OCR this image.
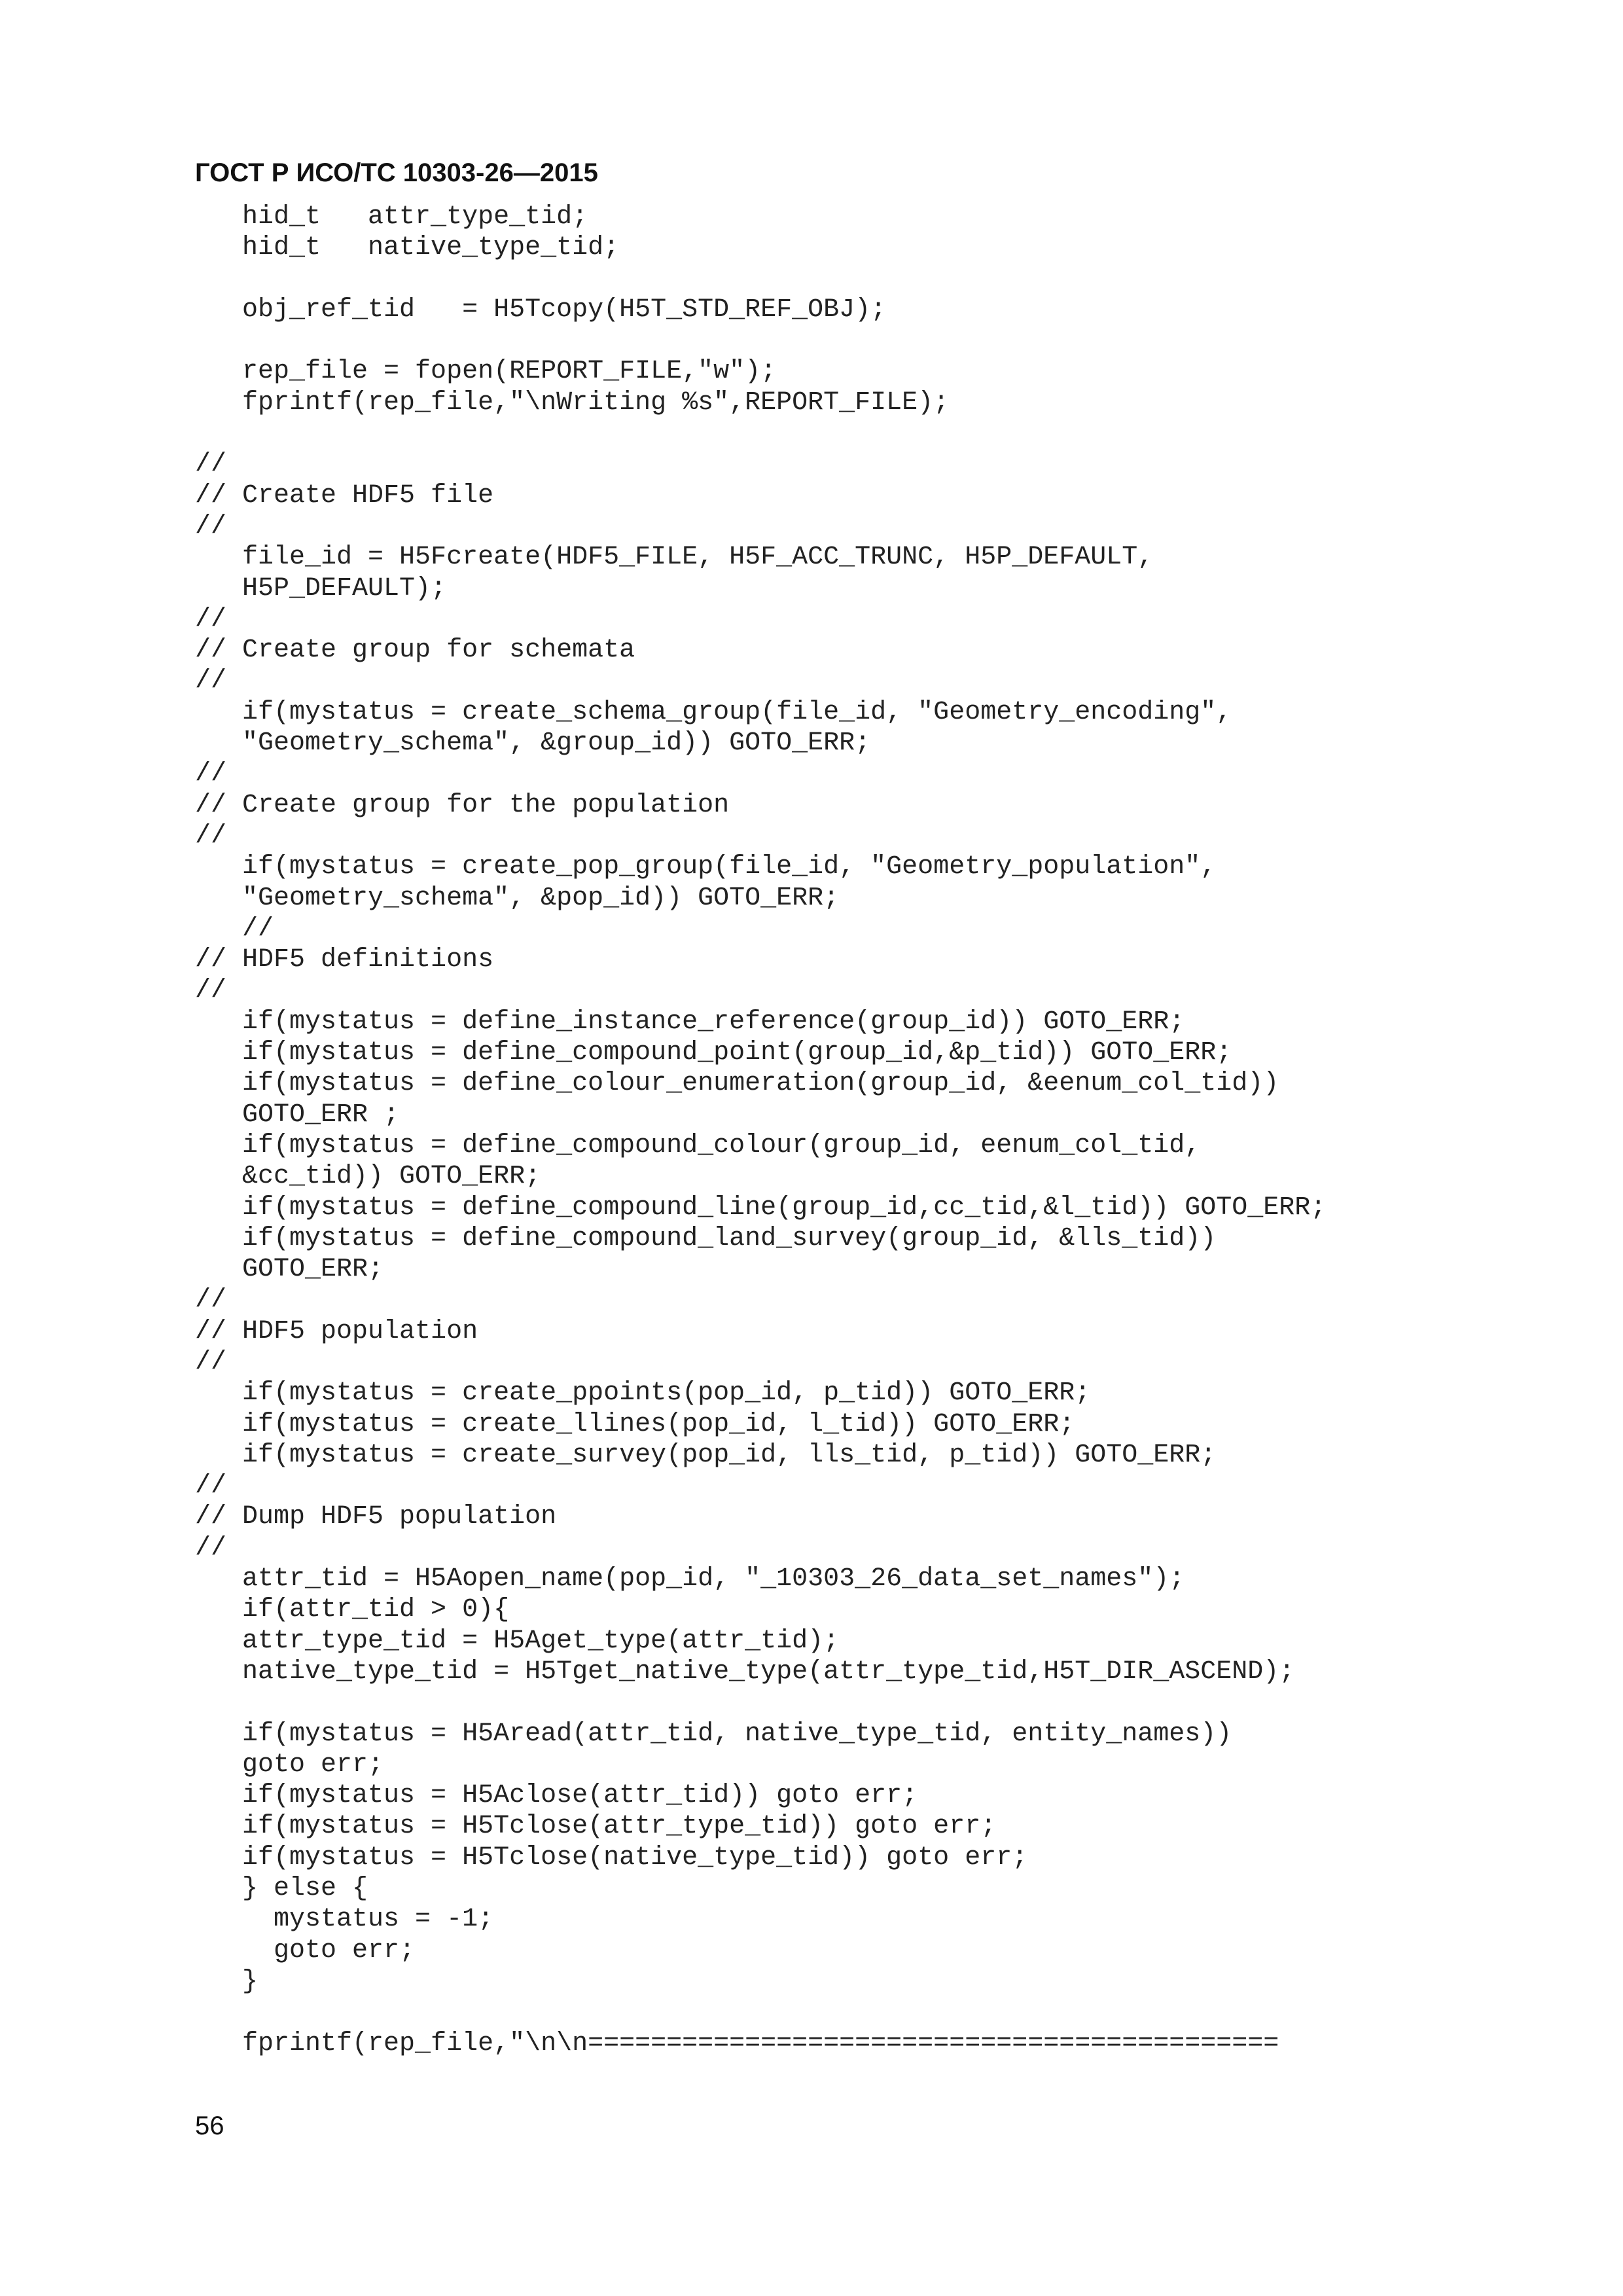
ГОСТ Р ИСО/ТС 10303-26—2015
hid_t   attr_type_tid;
hid_t   native_type_tid;
obj_ref_tid   = H5Tcopy(H5T_STD_REF_OBJ);
rep_file = fopen(REPORT_FILE,"w");
fprintf(rep_file,"\nWriting %s",REPORT_FILE);
//
// Create HDF5 file
//
file_id = H5Fcreate(HDF5_FILE, H5F_ACC_TRUNC, H5P_DEFAULT,
H5P_DEFAULT);
//
// Create group for schemata
//
if(mystatus = create_schema_group(file_id, "Geometry_encoding",
"Geometry_schema", &group_id)) GOTO_ERR;
//
// Create group for the population
//
if(mystatus = create_pop_group(file_id, "Geometry_population",
"Geometry_schema", &pop_id)) GOTO_ERR;
//
// HDF5 definitions
//
if(mystatus = define_instance_reference(group_id)) GOTO_ERR;
if(mystatus = define_compound_point(group_id,&p_tid)) GOTO_ERR;
if(mystatus = define_colour_enumeration(group_id, &eenum_col_tid))
GOTO_ERR ;
if(mystatus = define_compound_colour(group_id, eenum_col_tid,
&cc_tid)) GOTO_ERR;
if(mystatus = define_compound_line(group_id,cc_tid,&l_tid)) GOTO_ERR;
if(mystatus = define_compound_land_survey(group_id, &lls_tid))
GOTO_ERR;
//
// HDF5 population
//
if(mystatus = create_ppoints(pop_id, p_tid)) GOTO_ERR;
if(mystatus = create_llines(pop_id, l_tid)) GOTO_ERR;
if(mystatus = create_survey(pop_id, lls_tid, p_tid)) GOTO_ERR;
//
// Dump HDF5 population
//
attr_tid = H5Aopen_name(pop_id, "_10303_26_data_set_names");
if(attr_tid > 0){
attr_type_tid = H5Aget_type(attr_tid);
native_type_tid = H5Tget_native_type(attr_type_tid,H5T_DIR_ASCEND);
if(mystatus = H5Aread(attr_tid, native_type_tid, entity_names))
goto err;
if(mystatus = H5Aclose(attr_tid)) goto err;
if(mystatus = H5Tclose(attr_type_tid)) goto err;
if(mystatus = H5Tclose(native_type_tid)) goto err;
} else {
mystatus = -1;
goto err;
}
fprintf(rep_file,"\n\n============================================
56
